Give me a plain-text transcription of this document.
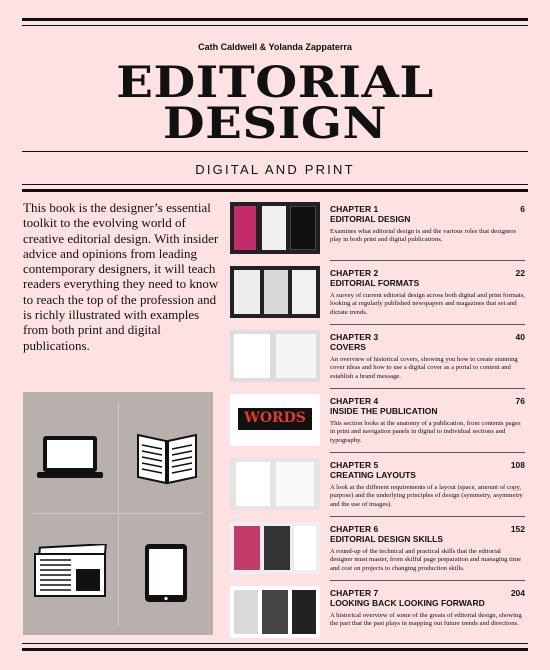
Cath Caldwell & Yolanda Zappaterra
EDITORIAL
DESIGN
DIGITAL AND PRINT
This book is the designer’s essential toolkit to the evolving world of creative editorial design. With insider advice and opinions from leading contemporary designers, it will teach readers everything they need to know to reach the top of the profession and is richly illustrated with examples from both print and digital publications.
CHAPTER 1	6
EDITORIAL DESIGN
Examines what editorial design is and the various roles that designers play in both print and digital publications.
CHAPTER 2	22
EDITORIAL FORMATS
A survey of current editorial design across both digital and print formats, looking at regularly published newspapers and magazines that set and dictate trends.
CHAPTER 3	40
COVERS
An overview of historical covers, showing you how to create stunning cover ideas and how to use a digital cover as a portal to content and establish a brand message.
WORDS
CHAPTER 4	76
INSIDE THE PUBLICATION
This section looks at the anatomy of a publication, from contents pages in print and navigation panels in digital to individual sections and typography.
CHAPTER 5	108
CREATING LAYOUTS
A look at the different requirements of a layout (space, amount of copy, purpose) and the underlying principles of design (symmetry, asymmetry and the use of images).
CHAPTER 6	152
EDITORIAL DESIGN SKILLS
A round-up of the technical and practical skills that the editorial designer must master, from skilful page preparation and managing time and cost on projects to changing production skills.
CHAPTER 7	204
LOOKING BACK LOOKING FORWARD
A historical overview of some of the greats of editorial design, showing the part that the past plays in mapping out future trends and directions.
